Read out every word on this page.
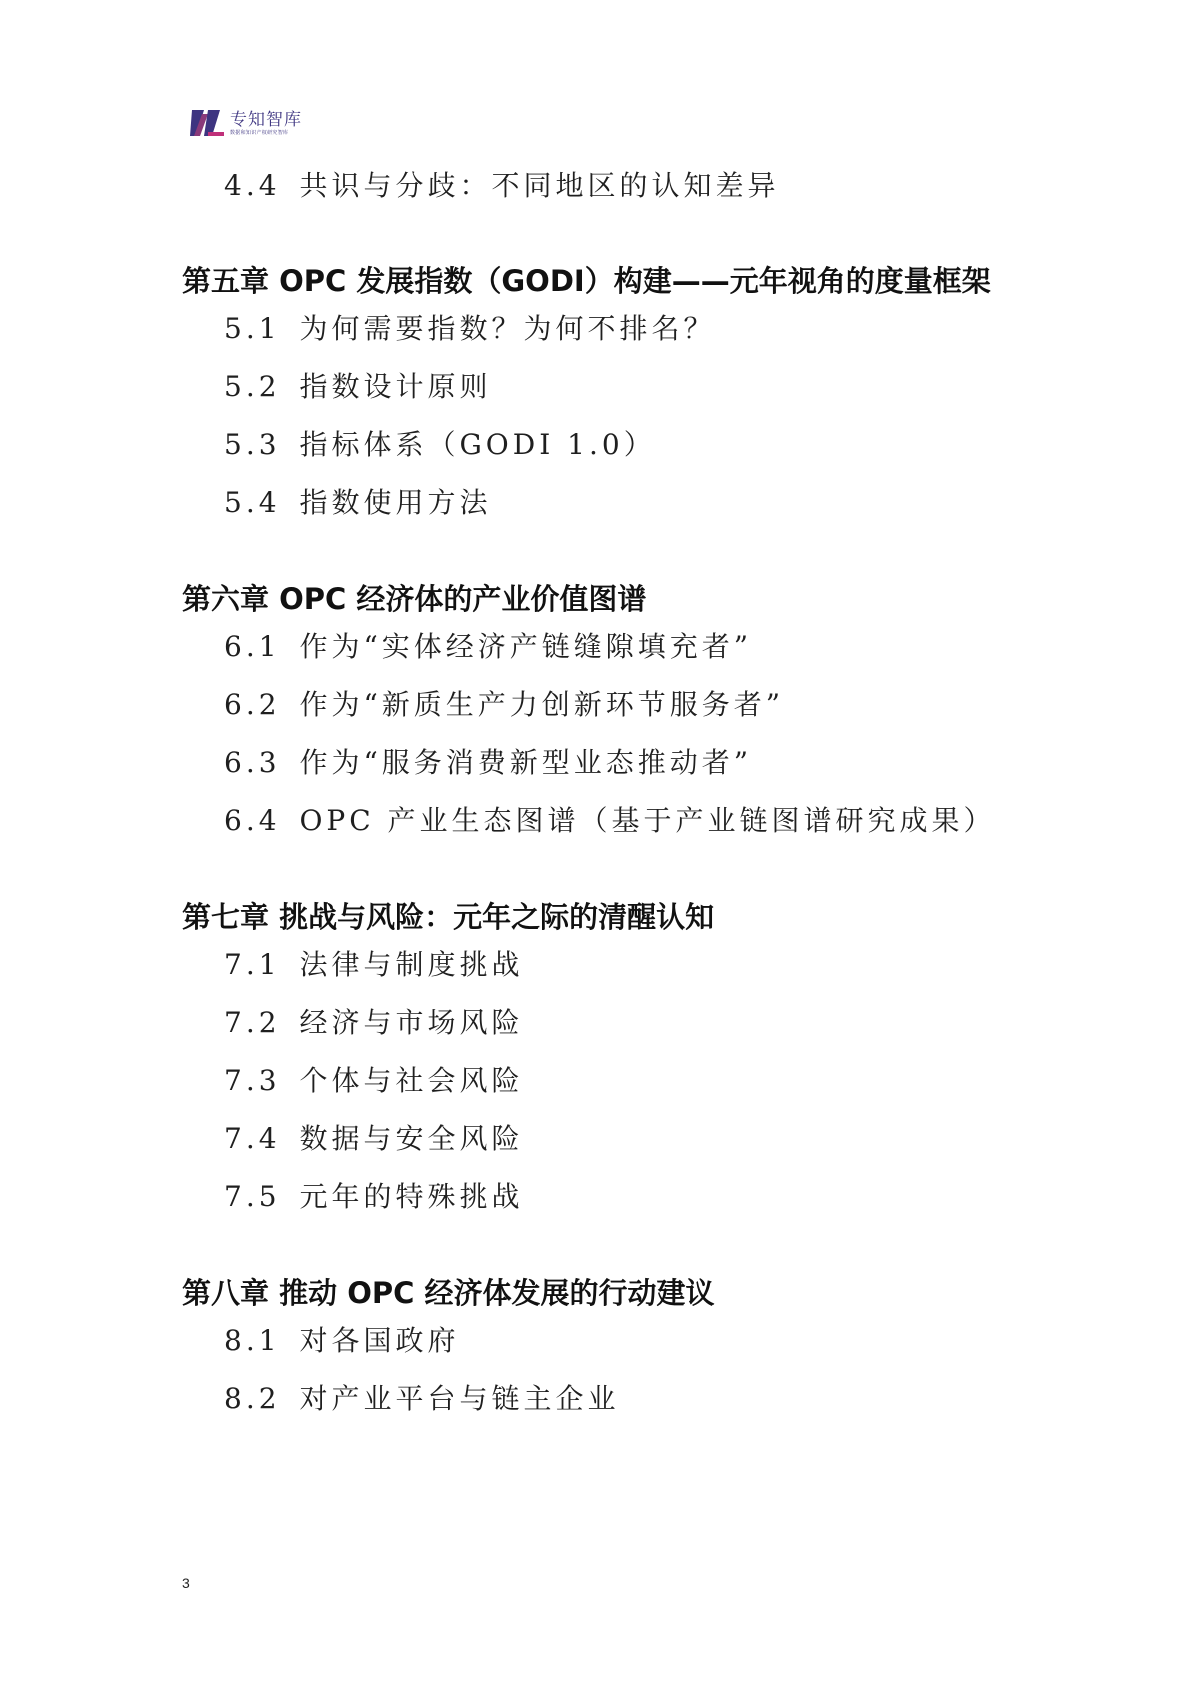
专知智库
数据和知识产权研究智库
4.4 共识与分歧：不同地区的认知差异
第五章 OPC 发展指数（GODI）构建——元年视角的度量框架
5.1 为何需要指数？为何不排名？
5.2 指数设计原则
5.3 指标体系（GODI 1.0）
5.4 指数使用方法
第六章 OPC 经济体的产业价值图谱
6.1 作为“实体经济产链缝隙填充者”
6.2 作为“新质生产力创新环节服务者”
6.3 作为“服务消费新型业态推动者”
6.4 OPC 产业生态图谱（基于产业链图谱研究成果）
第七章 挑战与风险：元年之际的清醒认知
7.1 法律与制度挑战
7.2 经济与市场风险
7.3 个体与社会风险
7.4 数据与安全风险
7.5 元年的特殊挑战
第八章 推动 OPC 经济体发展的行动建议
8.1 对各国政府
8.2 对产业平台与链主企业
3
